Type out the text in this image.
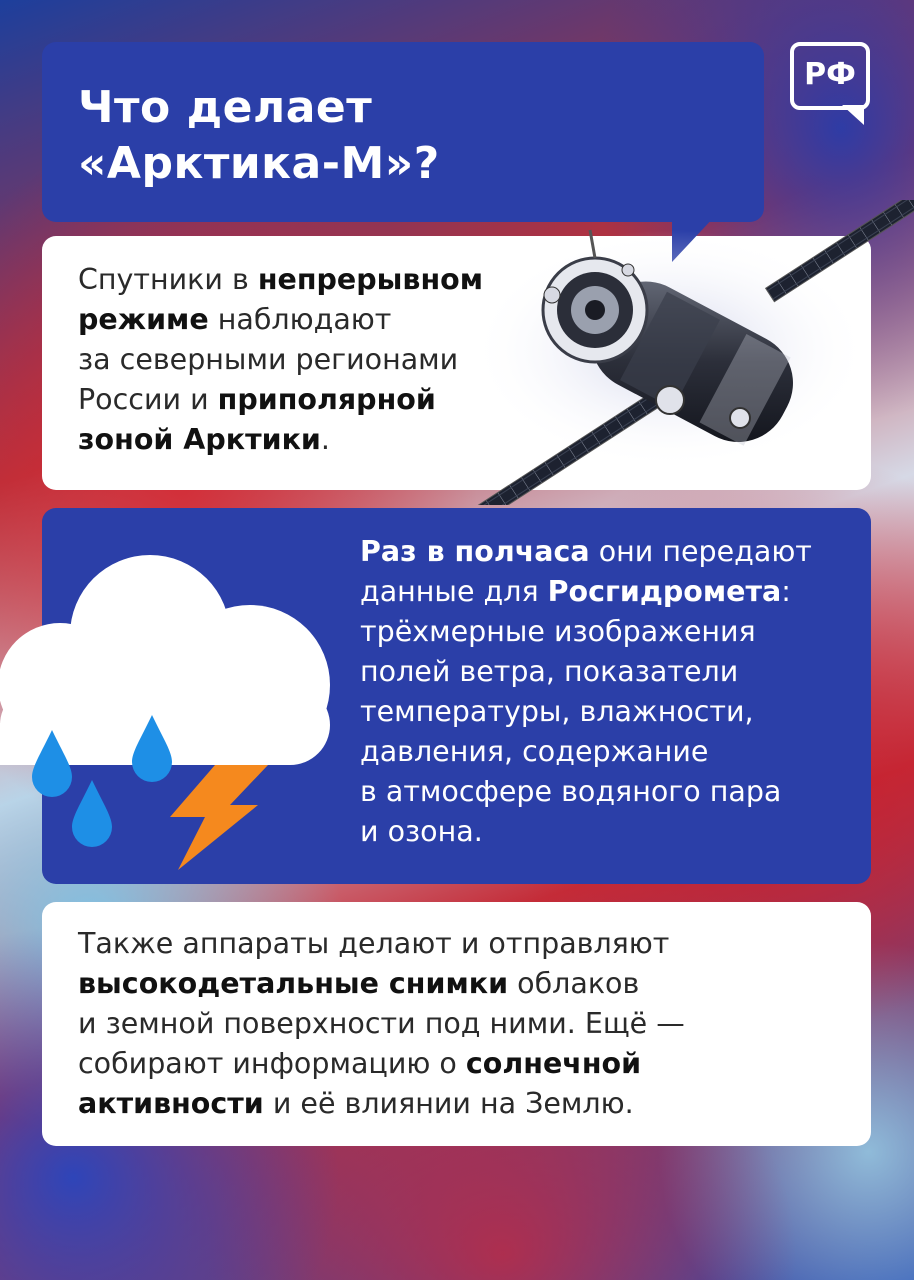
Что делает
«Арктика-М»?
РФ
Спутники в непрерывном
режиме наблюдают
за северными регионами
России и приполярной
зоной Арктики.
Раз в полчаса они передают
данные для Росгидромета:
трёхмерные изображения
полей ветра, показатели
температуры, влажности,
давления, содержание
в атмосфере водяного пара
и озона.
Также аппараты делают и отправляют
высокодетальные снимки облаков
и земной поверхности под ними. Ещё —
собирают информацию о солнечной
активности и её влиянии на Землю.
